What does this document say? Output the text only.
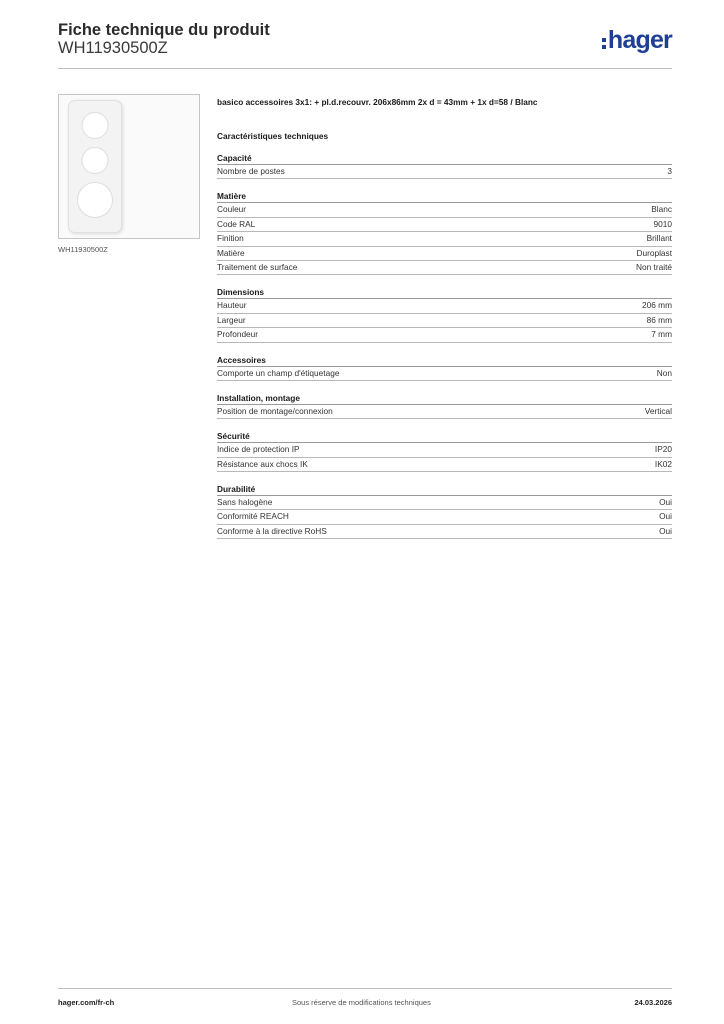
Fiche technique du produit
WH11930500Z	hager
WH11930500Z

basico accessoires 3x1: + pl.d.recouvr. 206x86mm 2x d = 43mm + 1x d=58 / Blanc

Caractéristiques techniques

Capacité
Nombre de postes	3
Matière
Couleur	Blanc
Code RAL	9010
Finition	Brillant
Matière	Duroplast
Traitement de surface	Non traité
Dimensions
Hauteur	206 mm
Largeur	86 mm
Profondeur	7 mm
Accessoires
Comporte un champ d'étiquetage	Non
Installation, montage
Position de montage/connexion	Vertical
Sécurité
Indice de protection IP	IP20
Résistance aux chocs IK	IK02
Durabilité
Sans halogène	Oui
Conformité REACH	Oui
Conforme à la directive RoHS	Oui
hager.com/fr-ch	Sous réserve de modifications techniques	24.03.2026
